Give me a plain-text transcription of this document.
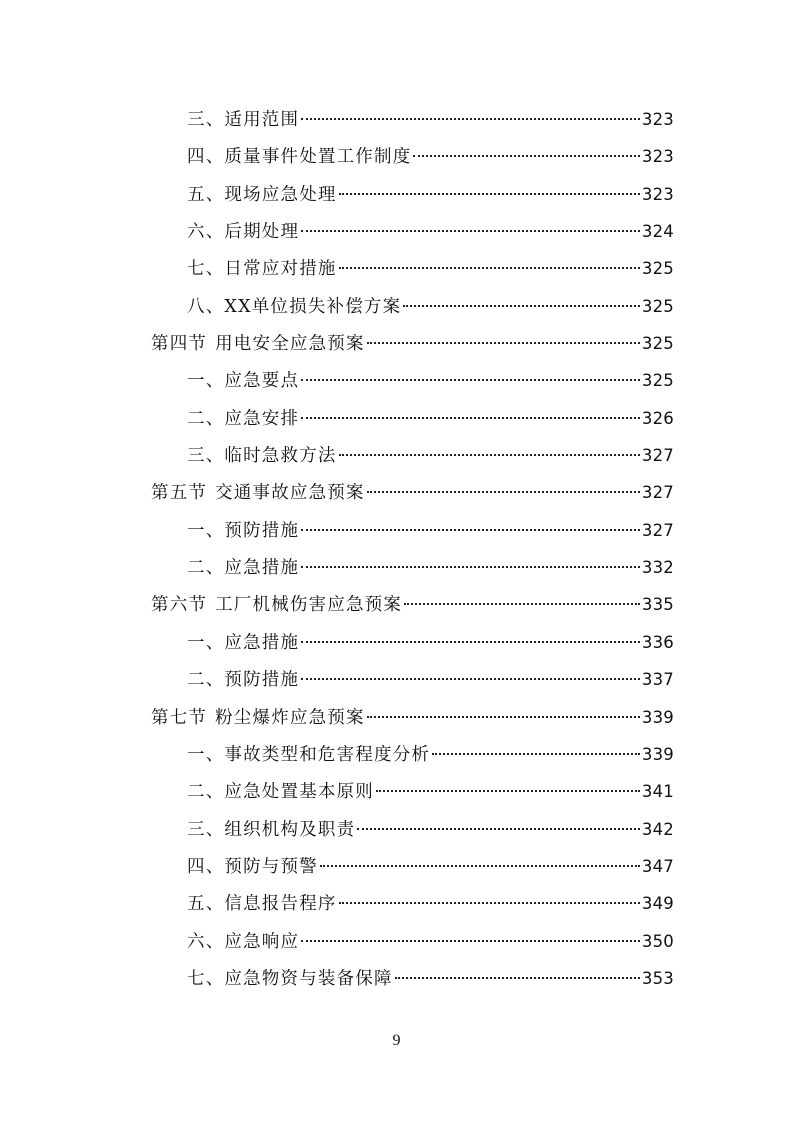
三、适用范围	323
四、质量事件处置工作制度	323
五、现场应急处理	323
六、后期处理	324
七、日常应对措施	325
八、XX单位损失补偿方案	325
第四节 用电安全应急预案	325
一、应急要点	325
二、应急安排	326
三、临时急救方法	327
第五节 交通事故应急预案	327
一、预防措施	327
二、应急措施	332
第六节 工厂机械伤害应急预案	335
一、应急措施	336
二、预防措施	337
第七节 粉尘爆炸应急预案	339
一、事故类型和危害程度分析	339
二、应急处置基本原则	341
三、组织机构及职责	342
四、预防与预警	347
五、信息报告程序	349
六、应急响应	350
七、应急物资与装备保障	353
9
